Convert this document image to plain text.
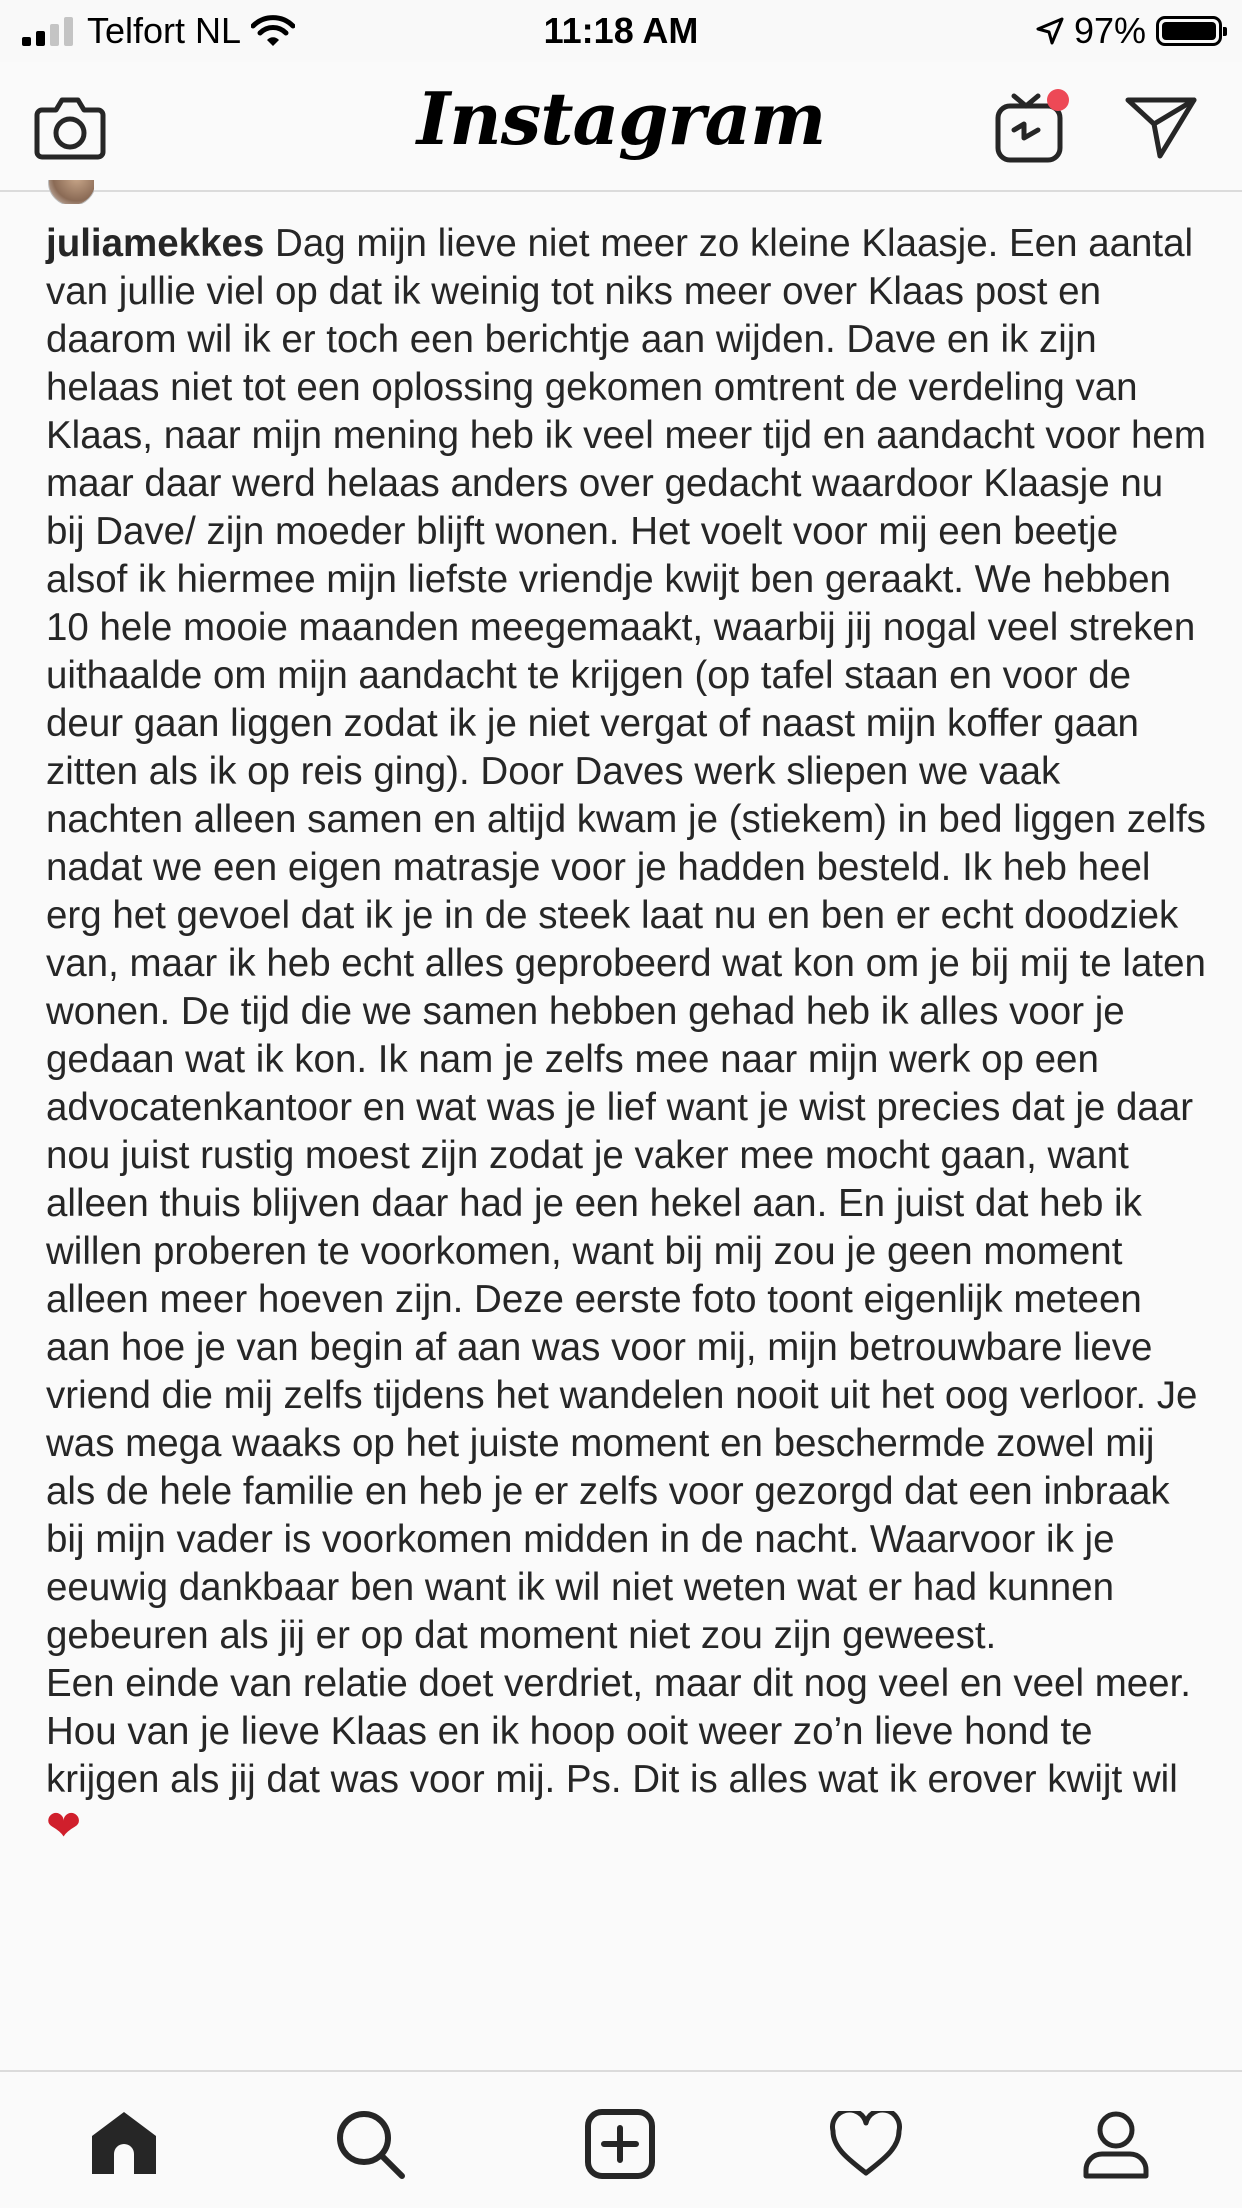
Telfort NL	11:18 AM	97%
Instagram

juliamekkes Dag mijn lieve niet meer zo kleine Klaasje. Een aantal van jullie viel op dat ik weinig tot niks meer over Klaas post en daarom wil ik er toch een berichtje aan wijden. Dave en ik zijn helaas niet tot een oplossing gekomen omtrent de verdeling van Klaas, naar mijn mening heb ik veel meer tijd en aandacht voor hem maar daar werd helaas anders over gedacht waardoor Klaasje nu bij Dave/ zijn moeder blijft wonen. Het voelt voor mij een beetje alsof ik hiermee mijn liefste vriendje kwijt ben geraakt. We hebben 10 hele mooie maanden meegemaakt, waarbij jij nogal veel streken uithaalde om mijn aandacht te krijgen (op tafel staan en voor de deur gaan liggen zodat ik je niet vergat of naast mijn koffer gaan zitten als ik op reis ging). Door Daves werk sliepen we vaak nachten alleen samen en altijd kwam je (stiekem) in bed liggen zelfs nadat we een eigen matrasje voor je hadden besteld. Ik heb heel erg het gevoel dat ik je in de steek laat nu en ben er echt doodziek van, maar ik heb echt alles geprobeerd wat kon om je bij mij te laten wonen. De tijd die we samen hebben gehad heb ik alles voor je gedaan wat ik kon. Ik nam je zelfs mee naar mijn werk op een advocatenkantoor en wat was je lief want je wist precies dat je daar nou juist rustig moest zijn zodat je vaker mee mocht gaan, want alleen thuis blijven daar had je een hekel aan. En juist dat heb ik willen proberen te voorkomen, want bij mij zou je geen moment alleen meer hoeven zijn. Deze eerste foto toont eigenlijk meteen aan hoe je van begin af aan was voor mij, mijn betrouwbare lieve vriend die mij zelfs tijdens het wandelen nooit uit het oog verloor. Je was mega waaks op het juiste moment en beschermde zowel mij als de hele familie en heb je er zelfs voor gezorgd dat een inbraak bij mijn vader is voorkomen midden in de nacht. Waarvoor ik je eeuwig dankbaar ben want ik wil niet weten wat er had kunnen gebeuren als jij er op dat moment niet zou zijn geweest.

Een einde van relatie doet verdriet, maar dit nog veel en veel meer. Hou van je lieve Klaas en ik hoop ooit weer zo’n lieve hond te krijgen als jij dat was voor mij. Ps. Dit is alles wat ik erover kwijt wil❤
